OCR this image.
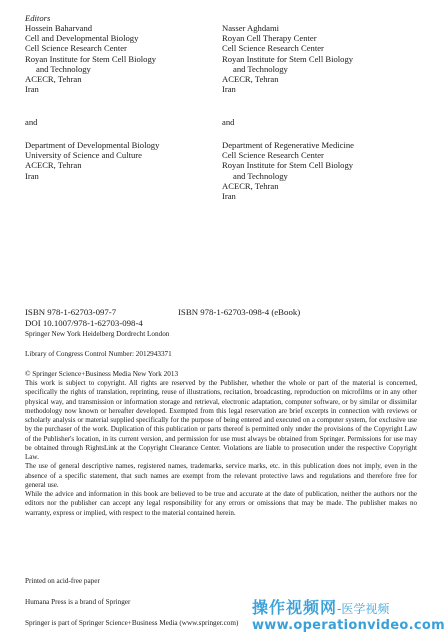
Editors
Hossein Baharvand
Cell and Developmental Biology
Cell Science Research Center
Royan Institute for Stem Cell Biology
and Technology
ACECR, Tehran
Iran
and
Department of Developmental Biology
University of Science and Culture
ACECR, Tehran
Iran
Nasser Aghdami
Royan Cell Therapy Center
Cell Science Research Center
Royan Institute for Stem Cell Biology
and Technology
ACECR, Tehran
Iran
and
Department of Regenerative Medicine
Cell Science Research Center
Royan Institute for Stem Cell Biology
and Technology
ACECR, Tehran
Iran
ISBN 978-1-62703-097-7	ISBN 978-1-62703-098-4 (eBook)
DOI 10.1007/978-1-62703-098-4
Springer New York Heidelberg Dordrecht London
Library of Congress Control Number: 2012943371
© Springer Science+Business Media New York 2013

This work is subject to copyright. All rights are reserved by the Publisher, whether the whole or part of the material is concerned, specifically the rights of translation, reprinting, reuse of illustrations, recitation, broadcasting, reproduction on microfilms or in any other physical way, and transmission or information storage and retrieval, electronic adaptation, computer software, or by similar or dissimilar methodology now known or hereafter developed. Exempted from this legal reservation are brief excerpts in connection with reviews or scholarly analysis or material supplied specifically for the purpose of being entered and executed on a computer system, for exclusive use by the purchaser of the work. Duplication of this publication or parts thereof is permitted only under the provisions of the Copyright Law of the Publisher's location, in its current version, and permission for use must always be obtained from Springer. Permissions for use may be obtained through RightsLink at the Copyright Clearance Center. Violations are liable to prosecution under the respective Copyright Law.

The use of general descriptive names, registered names, trademarks, service marks, etc. in this publication does not imply, even in the absence of a specific statement, that such names are exempt from the relevant protective laws and regulations and therefore free for general use.

While the advice and information in this book are believed to be true and accurate at the date of publication, neither the authors nor the editors nor the publisher can accept any legal responsibility for any errors or omissions that may be made. The publisher makes no warranty, express or implied, with respect to the material contained herein.

Printed on acid-free paper
Humana Press is a brand of Springer
Springer is part of Springer Science+Business Media (www.springer.com)
操作视频网-医学视频
www.operationvideo.com
